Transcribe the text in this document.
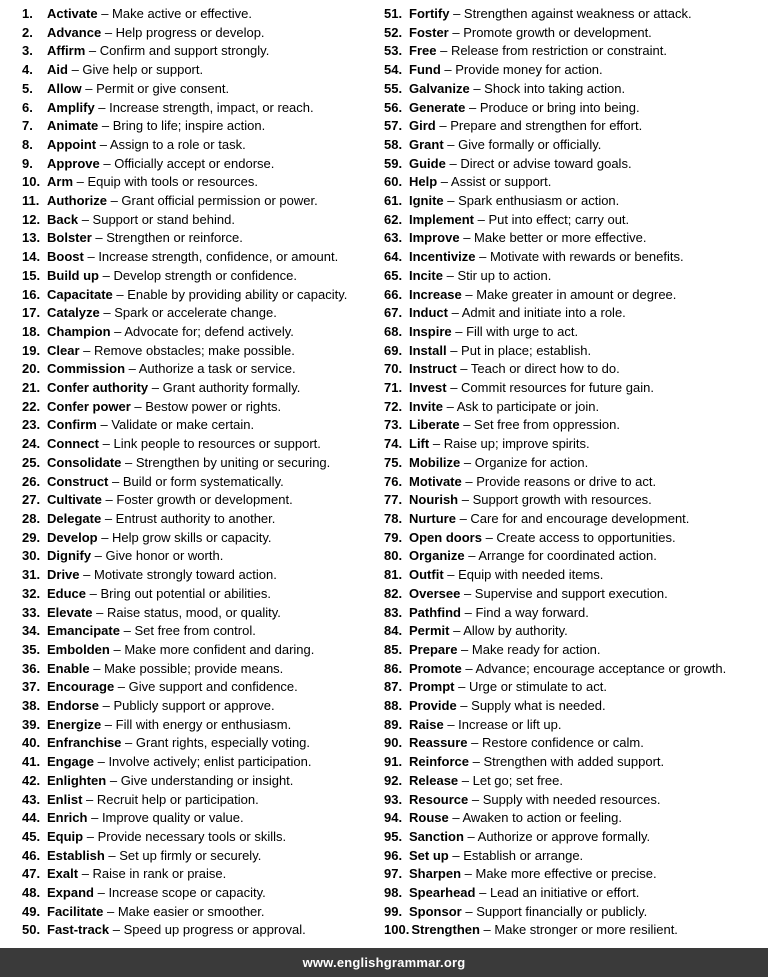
1.	Activate – Make active or effective.
2.	Advance – Help progress or develop.
3.	Affirm – Confirm and support strongly.
4.	Aid – Give help or support.
5.	Allow – Permit or give consent.
6.	Amplify – Increase strength, impact, or reach.
7.	Animate – Bring to life; inspire action.
8.	Appoint – Assign to a role or task.
9.	Approve – Officially accept or endorse.
10. Arm – Equip with tools or resources.
11. Authorize – Grant official permission or power.
12. Back – Support or stand behind.
13. Bolster – Strengthen or reinforce.
14. Boost – Increase strength, confidence, or amount.
15. Build up – Develop strength or confidence.
16. Capacitate – Enable by providing ability or capacity.
17. Catalyze – Spark or accelerate change.
18. Champion – Advocate for; defend actively.
19. Clear – Remove obstacles; make possible.
20. Commission – Authorize a task or service.
21. Confer authority – Grant authority formally.
22. Confer power – Bestow power or rights.
23. Confirm – Validate or make certain.
24. Connect – Link people to resources or support.
25. Consolidate – Strengthen by uniting or securing.
26. Construct – Build or form systematically.
27. Cultivate – Foster growth or development.
28. Delegate – Entrust authority to another.
29. Develop – Help grow skills or capacity.
30. Dignify – Give honor or worth.
31. Drive – Motivate strongly toward action.
32. Educe – Bring out potential or abilities.
33. Elevate – Raise status, mood, or quality.
34. Emancipate – Set free from control.
35. Embolden – Make more confident and daring.
36. Enable – Make possible; provide means.
37. Encourage – Give support and confidence.
38. Endorse – Publicly support or approve.
39. Energize – Fill with energy or enthusiasm.
40. Enfranchise – Grant rights, especially voting.
41. Engage – Involve actively; enlist participation.
42. Enlighten – Give understanding or insight.
43. Enlist – Recruit help or participation.
44. Enrich – Improve quality or value.
45. Equip – Provide necessary tools or skills.
46. Establish – Set up firmly or securely.
47. Exalt – Raise in rank or praise.
48. Expand – Increase scope or capacity.
49. Facilitate – Make easier or smoother.
50. Fast-track – Speed up progress or approval.
51. Fortify – Strengthen against weakness or attack.
52. Foster – Promote growth or development.
53. Free – Release from restriction or constraint.
54. Fund – Provide money for action.
55. Galvanize – Shock into taking action.
56. Generate – Produce or bring into being.
57. Gird – Prepare and strengthen for effort.
58. Grant – Give formally or officially.
59. Guide – Direct or advise toward goals.
60. Help – Assist or support.
61. Ignite – Spark enthusiasm or action.
62. Implement – Put into effect; carry out.
63. Improve – Make better or more effective.
64. Incentivize – Motivate with rewards or benefits.
65. Incite – Stir up to action.
66. Increase – Make greater in amount or degree.
67. Induct – Admit and initiate into a role.
68. Inspire – Fill with urge to act.
69. Install – Put in place; establish.
70. Instruct – Teach or direct how to do.
71. Invest – Commit resources for future gain.
72. Invite – Ask to participate or join.
73. Liberate – Set free from oppression.
74. Lift – Raise up; improve spirits.
75. Mobilize – Organize for action.
76. Motivate – Provide reasons or drive to act.
77. Nourish – Support growth with resources.
78. Nurture – Care for and encourage development.
79. Open doors – Create access to opportunities.
80. Organize – Arrange for coordinated action.
81. Outfit – Equip with needed items.
82. Oversee – Supervise and support execution.
83. Pathfind – Find a way forward.
84. Permit – Allow by authority.
85. Prepare – Make ready for action.
86. Promote – Advance; encourage acceptance or growth.
87. Prompt – Urge or stimulate to act.
88. Provide – Supply what is needed.
89. Raise – Increase or lift up.
90. Reassure – Restore confidence or calm.
91. Reinforce – Strengthen with added support.
92. Release – Let go; set free.
93. Resource – Supply with needed resources.
94. Rouse – Awaken to action or feeling.
95. Sanction – Authorize or approve formally.
96. Set up – Establish or arrange.
97. Sharpen – Make more effective or precise.
98. Spearhead – Lead an initiative or effort.
99. Sponsor – Support financially or publicly.
100. Strengthen – Make stronger or more resilient.
www.englishgrammar.org
